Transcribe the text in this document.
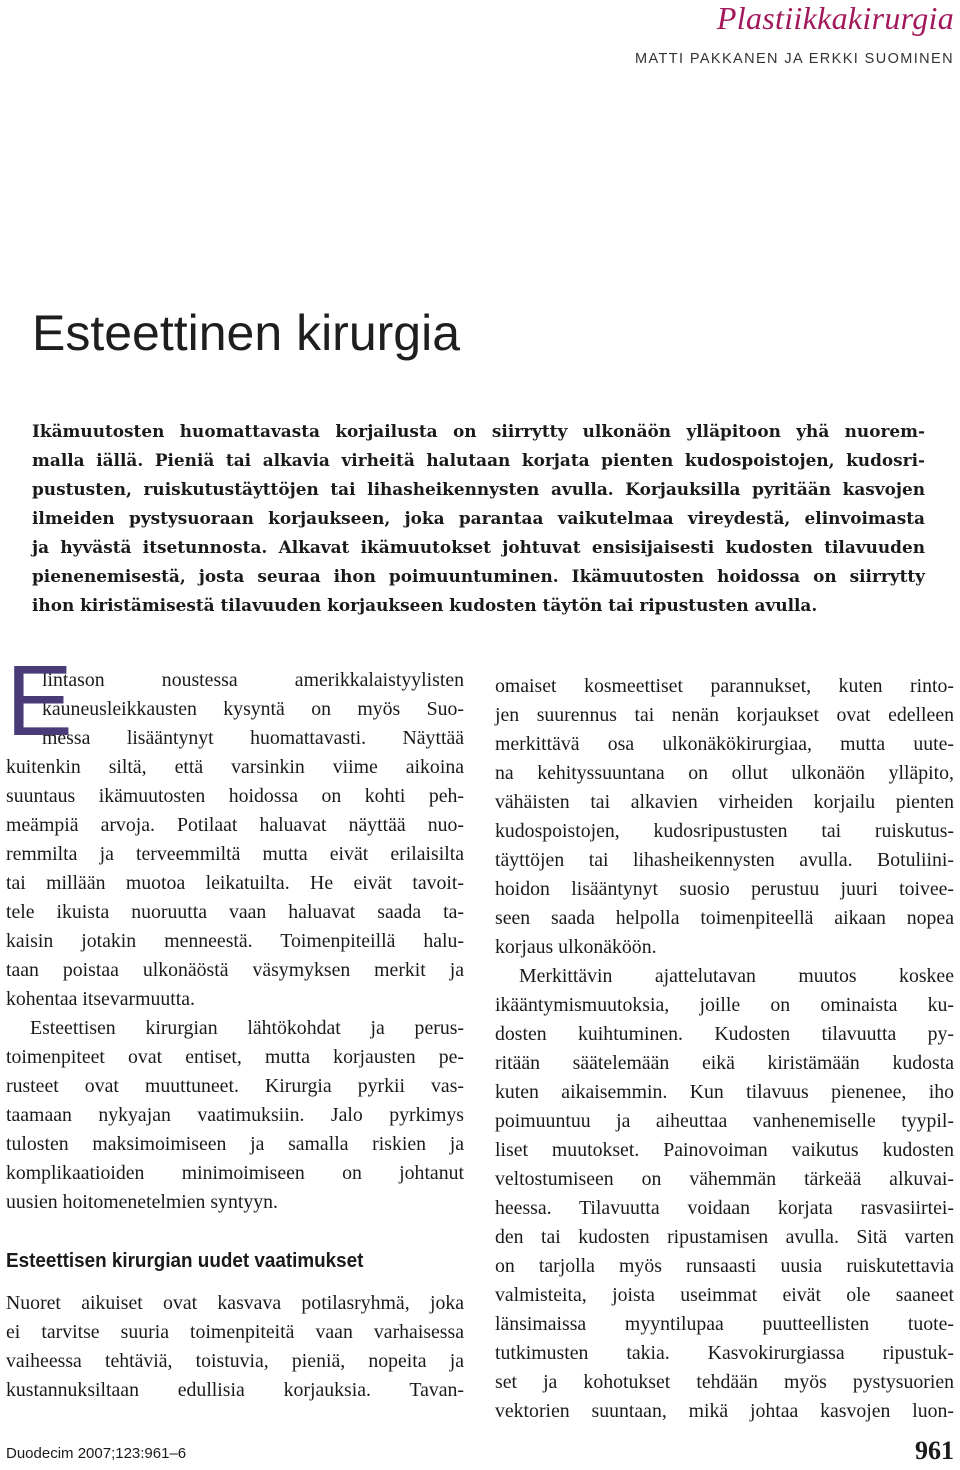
Plastiikkakirurgia
MATTI PAKKANEN JA ERKKI SUOMINEN
Esteettinen kirurgia
Ikämuutosten huomattavasta korjailusta on siirrytty ulkonäön ylläpitoon yhä nuorem-
malla iällä. Pieniä tai alkavia virheitä halutaan korjata pienten kudospoistojen, kudosri-
pustusten, ruiskutustäyttöjen tai lihasheikennysten avulla. Korjauksilla pyritään kasvojen
ilmeiden pystysuoraan korjaukseen, joka parantaa vaikutelmaa vireydestä, elinvoimasta
ja hyvästä itsetunnosta. Alkavat ikämuutokset johtuvat ensisijaisesti kudosten tilavuuden
pienenemisestä, josta seuraa ihon poimuuntuminen. Ikämuutosten hoidossa on siirrytty
ihon kiristämisestä tilavuuden korjaukseen kudosten täytön tai ripustusten avulla.
E
lintason noustessa amerikkalaistyylisten
kauneusleikkausten kysyntä on myös Suo-
messa lisääntynyt huomattavasti. Näyttää
kuitenkin siltä, että varsinkin viime aikoina
suuntaus ikämuutosten hoidossa on kohti peh-
meämpiä arvoja. Potilaat haluavat näyttää nuo-
remmilta ja terveemmiltä mutta eivät erilaisilta
tai millään muotoa leikatuilta. He eivät tavoit-
tele ikuista nuoruutta vaan haluavat saada ta-
kaisin jotakin menneestä. Toimenpiteillä halu-
taan poistaa ulkonäöstä väsymyksen merkit ja
kohentaa itsevarmuutta.
Esteettisen kirurgian lähtökohdat ja perus-
toimenpiteet ovat entiset, mutta korjausten pe-
rusteet ovat muuttuneet. Kirurgia pyrkii vas-
taamaan nykyajan vaatimuksiin. Jalo pyrkimys
tulosten maksimoimiseen ja samalla riskien ja
komplikaatioiden minimoimiseen on johtanut
uusien hoitomenetelmien syntyyn.
Esteettisen kirurgian uudet vaatimukset
Nuoret aikuiset ovat kasvava potilasryhmä, joka
ei tarvitse suuria toimenpiteitä vaan varhaisessa
vaiheessa tehtäviä, toistuvia, pieniä, nopeita ja
kustannuksiltaan edullisia korjauksia. Tavan-
omaiset kosmeettiset parannukset, kuten rinto-
jen suurennus tai nenän korjaukset ovat edelleen
merkittävä osa ulkonäkökirurgiaa, mutta uute-
na kehityssuuntana on ollut ulkonäön ylläpito,
vähäisten tai alkavien virheiden korjailu pienten
kudospoistojen, kudosripustusten tai ruiskutus-
täyttöjen tai lihasheikennysten avulla. Botuliini-
hoidon lisääntynyt suosio perustuu juuri toivee-
seen saada helpolla toimenpiteellä aikaan nopea
korjaus ulkonäköön.
Merkittävin ajattelutavan muutos koskee
ikääntymismuutoksia, joille on ominaista ku-
dosten kuihtuminen. Kudosten tilavuutta py-
ritään säätelemään eikä kiristämään kudosta
kuten aikaisemmin. Kun tilavuus pienenee, iho
poimuuntuu ja aiheuttaa vanhenemiselle tyypil-
liset muutokset. Painovoiman vaikutus kudosten
veltostumiseen on vähemmän tärkeää alkuvai-
heessa. Tilavuutta voidaan korjata rasvasiirtei-
den tai kudosten ripustamisen avulla. Sitä varten
on tarjolla myös runsaasti uusia ruiskutettavia
valmisteita, joista useimmat eivät ole saaneet
länsimaissa myyntilupaa puutteellisten tuote-
tutkimusten takia. Kasvokirurgiassa ripustuk-
set ja kohotukset tehdään myös pystysuorien
vektorien suuntaan, mikä johtaa kasvojen luon-
Duodecim 2007;123:961–6	961
